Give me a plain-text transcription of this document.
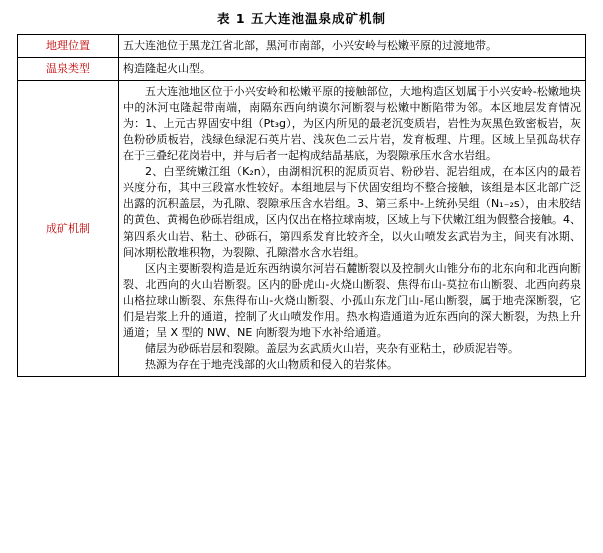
表 1 五大连池温泉成矿机制
地理位置	五大连池位于黑龙江省北部，黑河市南部，小兴安岭与松嫩平原的过渡地带。

温泉类型	构造隆起火山型。

成矿机制	五大连池地区位于小兴安岭和松嫩平原的接触部位，大地构造区划属于小兴安岭-松嫩地块中的沐河屯隆起带南端，南隔东西向纳谟尔河断裂与松嫩中断陷带为邻。本区地层发育情况为：1、上元古界固安中组（Pt₃g），为区内所见的最老沉变质岩，岩性为灰黑色致密板岩，灰色粉砂质板岩，浅绿色绿泥石英片岩、浅灰色二云片岩，发育板理、片理。区域上呈孤岛状存在于三叠纪花岗岩中，并与后者一起构成结晶基底，为裂隙承压水含水岩组。

2、白垩统嫩江组（K₂n），由湖相沉积的泥质页岩、粉砂岩、泥岩组成，在本区内的最若兴度分布，其中三段富水性较好。本组地层与下伏固安组均不整合接触，该组是本区北部广泛出露的沉积盖层，为孔隙、裂隙承压含水岩组。3、第三系中-上统孙吴组（N₁₋₂s），由未胶结的黄色、黄褐色砂砾岩组成，区内仅出在格拉球南坡，区域上与下伏嫩江组为假整合接触。4、第四系火山岩、粘土、砂砾石，第四系发育比较齐全，以火山喷发玄武岩为主，间夹有冰期、间冰期松散堆积物，为裂隙、孔隙潜水含水岩组。

区内主要断裂构造是近东西纳谟尔河岩石麓断裂以及控制火山锥分布的北东向和北西向断裂、北西向的火山岩断裂。区内的卧虎山-火烧山断裂、焦得布山-莫拉布山断裂、北西向药泉山格拉球山断裂、东焦得布山-火烧山断裂、小孤山东龙门山-尾山断裂，属于地壳深断裂，它们是岩浆上升的通道，控制了火山喷发作用。热水构造通道为近东西向的深大断裂，为热上升通道；呈 X 型的 NW、NE 向断裂为地下水补给通道。

储层为砂砾岩层和裂隙。盖层为玄武质火山岩，夹杂有亚粘土，砂质泥岩等。

热源为存在于地壳浅部的火山物质和侵入的岩浆体。
